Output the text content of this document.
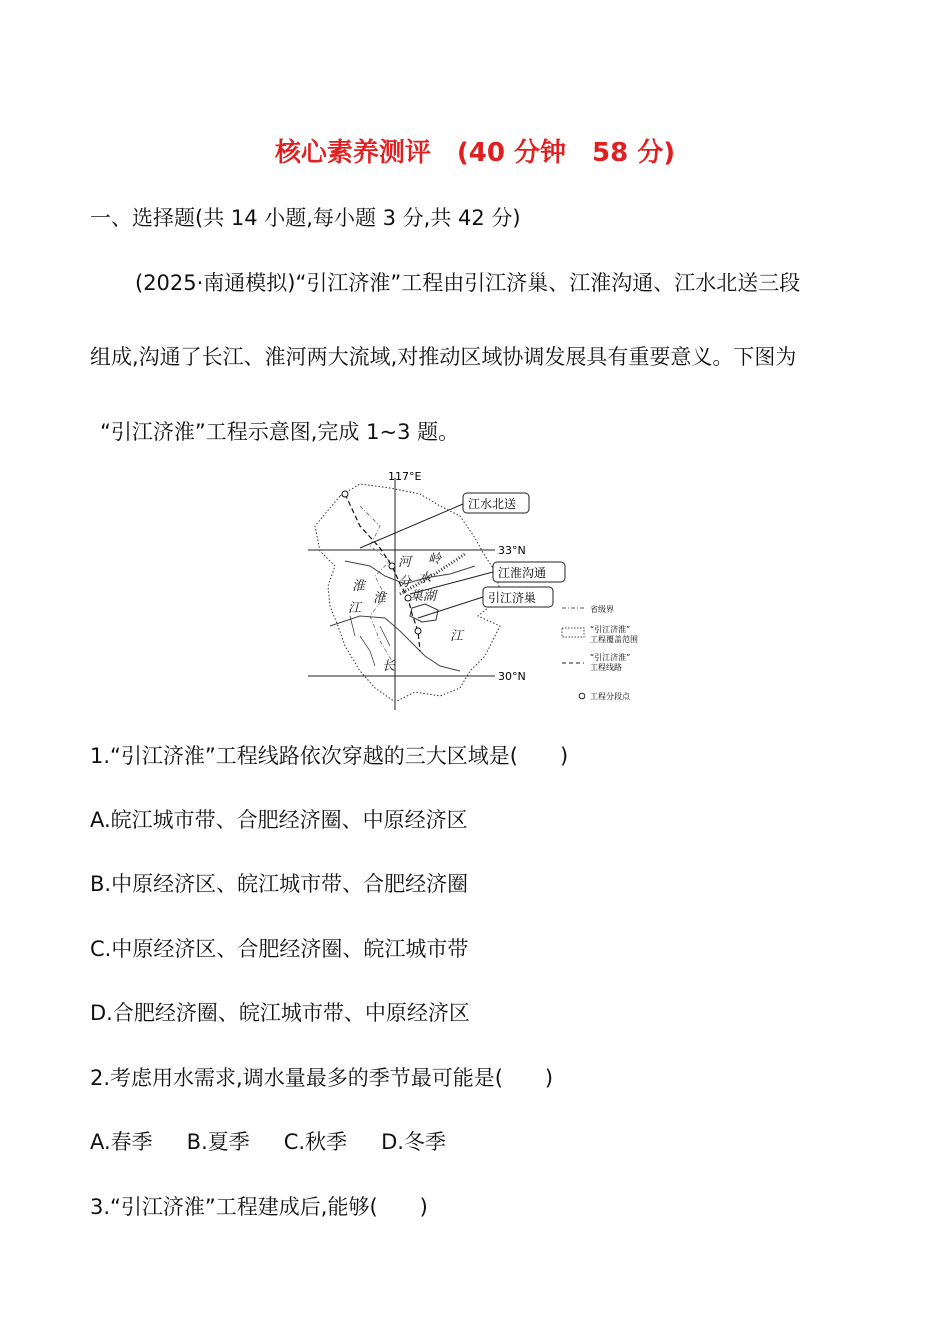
核心素养测评　(40 分钟　58 分)
一、选择题(共 14 小题,每小题 3 分,共 42 分)
(2025·南通模拟)“引江济淮”工程由引江济巢、江淮沟通、江水北送三段
组成,沟通了长江、淮河两大流域,对推动区域协调发展具有重要意义。下图为
“引江济淮”工程示意图,完成 1~3 题。
117°E
33°N
30°N
河 岭
分 水
淮
淮
江
巢湖
江
长
江水北送
江淮沟通
引江济巢
省级界
“引江济淮”工程覆盖范围
“引江济淮”工程线路
工程分段点
1.“引江济淮”工程线路依次穿越的三大区域是(　　)
A.皖江城市带、合肥经济圈、中原经济区
B.中原经济区、皖江城市带、合肥经济圈
C.中原经济区、合肥经济圈、皖江城市带
D.合肥经济圈、皖江城市带、中原经济区
2.考虑用水需求,调水量最多的季节最可能是(　　)
A.春季 B.夏季 C.秋季 D.冬季
3.“引江济淮”工程建成后,能够(　　)
